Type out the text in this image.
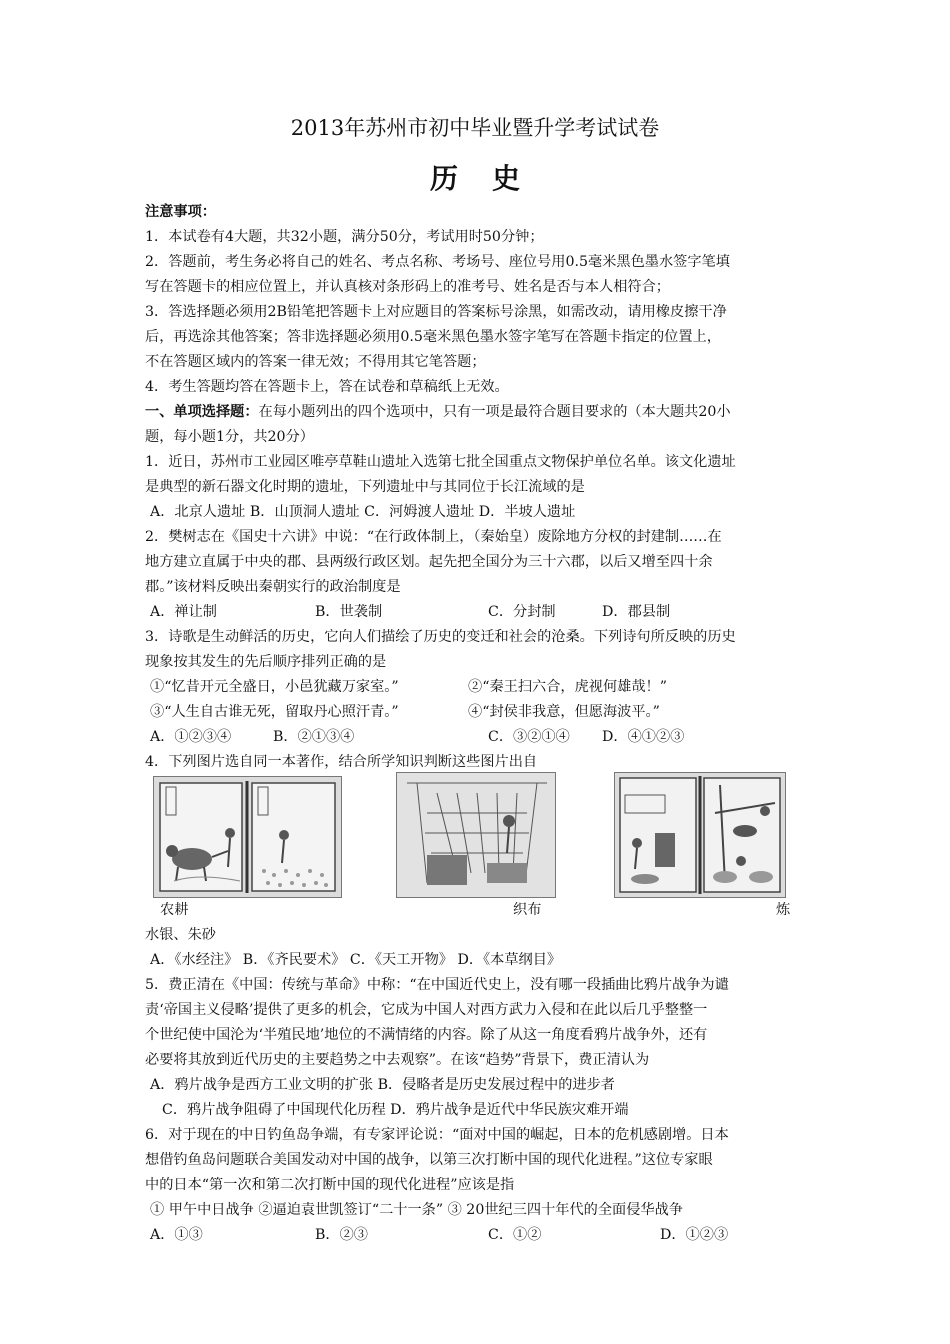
2013年苏州市初中毕业暨升学考试试卷
历史
注意事项：
1．本试卷有4大题，共32小题，满分50分，考试用时50分钟；
2．答题前，考生务必将自己的姓名、考点名称、考场号、座位号用0.5毫米黑色墨水签字笔填
写在答题卡的相应位置上，并认真核对条形码上的准考号、姓名是否与本人相符合；
3．答选择题必须用2B铅笔把答题卡上对应题目的答案标号涂黑，如需改动，请用橡皮擦干净
后，再选涂其他答案；答非选择题必须用0.5毫米黑色墨水签字笔写在答题卡指定的位置上，
不在答题区域内的答案一律无效；不得用其它笔答题；
4．考生答题均答在答题卡上，答在试卷和草稿纸上无效。
一、单项选择题：在每小题列出的四个选项中，只有一项是最符合题目要求的（本大题共20小
题，每小题1分，共20分）
1．近日，苏州市工业园区唯亭草鞋山遗址入选第七批全国重点文物保护单位名单。该文化遗址
是典型的新石器文化时期的遗址，下列遗址中与其同位于长江流域的是
A．北京人遗址 B．山顶洞人遗址 C．河姆渡人遗址 D．半坡人遗址
2．樊树志在《国史十六讲》中说：“在行政体制上，（秦始皇）废除地方分权的封建制……在
地方建立直属于中央的郡、县两级行政区划。起先把全国分为三十六郡，以后又增至四十余
郡。”该材料反映出秦朝实行的政治制度是
A．禅让制	B．世袭制	C．分封制	D．郡县制
3．诗歌是生动鲜活的历史，它向人们描绘了历史的变迁和社会的沧桑。下列诗句所反映的历史
现象按其发生的先后顺序排列正确的是
①“忆昔开元全盛日，小邑犹藏万家室。”	②“秦王扫六合，虎视何雄哉！”
③“人生自古谁无死，留取丹心照汗青。”	④“封侯非我意，但愿海波平。”
A．①②③④	B．②①③④	C．③②①④ D．④①②③
4．下列图片选自同一本著作，结合所学知识判断这些图片出自
农耕	织布	炼
水银、朱砂
A．《水经注》 B．《齐民要术》 C．《天工开物》 D．《本草纲目》
5．费正清在《中国：传统与革命》中称：“在中国近代史上，没有哪一段插曲比鸦片战争为谴
责‘帝国主义侵略’提供了更多的机会，它成为中国人对西方武力入侵和在此以后几乎整整一
个世纪使中国沦为‘半殖民地’地位的不满情绪的内容。除了从这一角度看鸦片战争外，还有
必要将其放到近代历史的主要趋势之中去观察”。在该“趋势”背景下，费正清认为
A．鸦片战争是西方工业文明的扩张 B．侵略者是历史发展过程中的进步者
C．鸦片战争阻碍了中国现代化历程 D．鸦片战争是近代中华民族灾难开端
6．对于现在的中日钓鱼岛争端，有专家评论说：“面对中国的崛起，日本的危机感剧增。日本
想借钓鱼岛问题联合美国发动对中国的战争，以第三次打断中国的现代化进程。”这位专家眼
中的日本“第一次和第二次打断中国的现代化进程”应该是指
① 甲午中日战争 ②逼迫袁世凯签订“二十一条” ③ 20世纪三四十年代的全面侵华战争
A．①③	B．②③	C．①②	D．①②③
